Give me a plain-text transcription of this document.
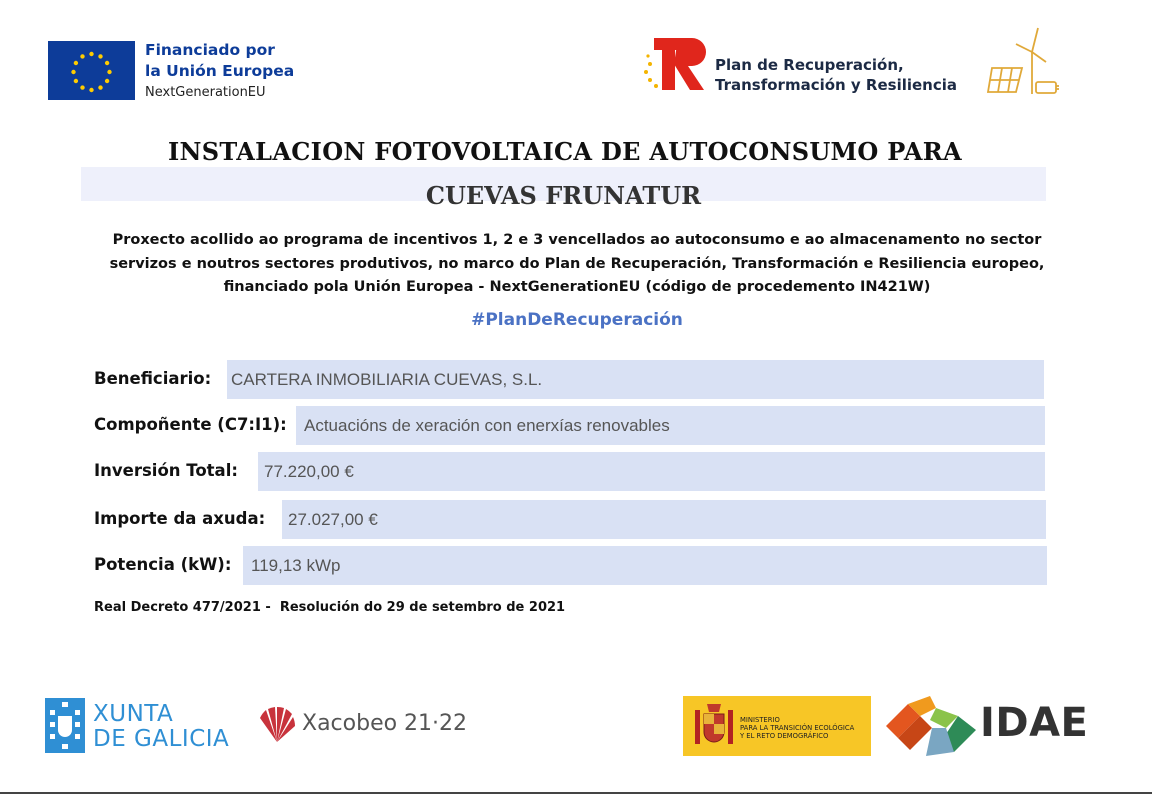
Financiado por
la Unión Europea
NextGenerationEU
Plan de Recuperación,
Transformación y Resiliencia
INSTALACION FOTOVOLTAICA DE AUTOCONSUMO PARA
CUEVAS FRUNATUR
Proxecto acollido ao programa de incentivos 1, 2 e 3 vencellados ao autoconsumo e ao almacenamento no sector servizos e noutros sectores produtivos, no marco do Plan de Recuperación, Transformación e Resiliencia europeo, financiado pola Unión Europea - NextGenerationEU (código de procedemento IN421W)
#PlanDeRecuperación
Beneficiario: CARTERA INMOBILIARIA CUEVAS, S.L.
Compoñente (C7:I1):	Actuacións de xeración con enerxías renovables
Inversión Total:	77.220,00 €
Importe da axuda:	27.027,00 €
Potencia (kW):	119,13 kWp
Real Decreto 477/2021 -  Resolución do 29 de setembro de 2021
XUNTA
DE GALICIA
Xacobeo 21·22	MINISTERIO
PARA LA TRANSICIÓN ECOLÓGICA
Y EL RETO DEMOGRÁFICO	IDAE
